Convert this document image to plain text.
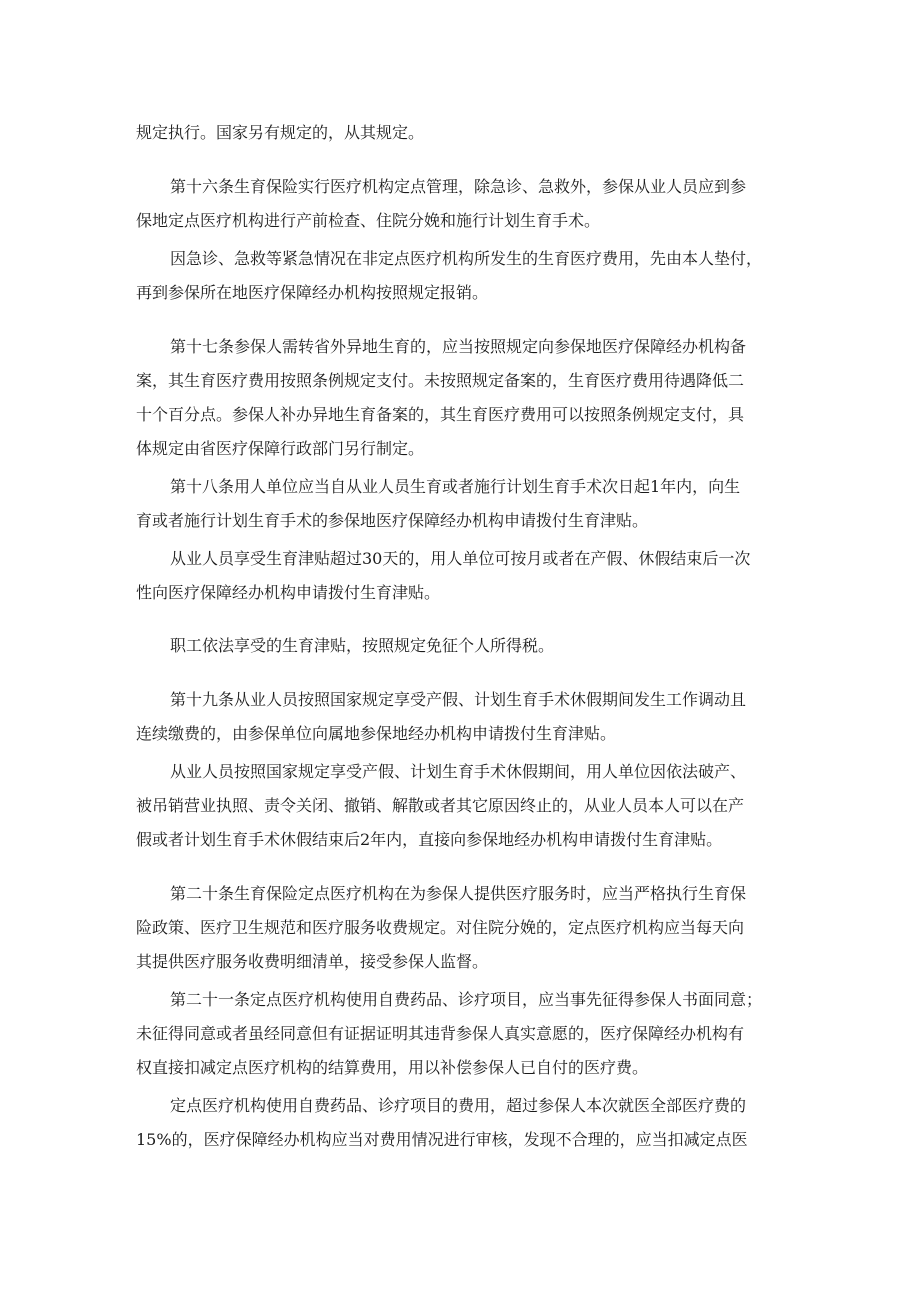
规定执行。国家另有规定的，从其规定。

第十六条生育保险实行医疗机构定点管理，除急诊、急救外，参保从业人员应到参

保地定点医疗机构进行产前检查、住院分娩和施行计划生育手术。

因急诊、急救等紧急情况在非定点医疗机构所发生的生育医疗费用，先由本人垫付，

再到参保所在地医疗保障经办机构按照规定报销。

第十七条参保人需转省外异地生育的，应当按照规定向参保地医疗保障经办机构备

案，其生育医疗费用按照条例规定支付。未按照规定备案的，生育医疗费用待遇降低二

十个百分点。参保人补办异地生育备案的，其生育医疗费用可以按照条例规定支付，具

体规定由省医疗保障行政部门另行制定。

第十八条用人单位应当自从业人员生育或者施行计划生育手术次日起1年内，向生

育或者施行计划生育手术的参保地医疗保障经办机构申请拨付生育津贴。

从业人员享受生育津贴超过30天的，用人单位可按月或者在产假、休假结束后一次

性向医疗保障经办机构申请拨付生育津贴。

职工依法享受的生育津贴，按照规定免征个人所得税。

第十九条从业人员按照国家规定享受产假、计划生育手术休假期间发生工作调动且

连续缴费的，由参保单位向属地参保地经办机构申请拨付生育津贴。

从业人员按照国家规定享受产假、计划生育手术休假期间，用人单位因依法破产、

被吊销营业执照、责令关闭、撤销、解散或者其它原因终止的，从业人员本人可以在产

假或者计划生育手术休假结束后2年内，直接向参保地经办机构申请拨付生育津贴。

第二十条生育保险定点医疗机构在为参保人提供医疗服务时，应当严格执行生育保

险政策、医疗卫生规范和医疗服务收费规定。对住院分娩的，定点医疗机构应当每天向

其提供医疗服务收费明细清单，接受参保人监督。

第二十一条定点医疗机构使用自费药品、诊疗项目，应当事先征得参保人书面同意；

未征得同意或者虽经同意但有证据证明其违背参保人真实意愿的，医疗保障经办机构有

权直接扣减定点医疗机构的结算费用，用以补偿参保人已自付的医疗费。

定点医疗机构使用自费药品、诊疗项目的费用，超过参保人本次就医全部医疗费的

15%的，医疗保障经办机构应当对费用情况进行审核，发现不合理的，应当扣减定点医
